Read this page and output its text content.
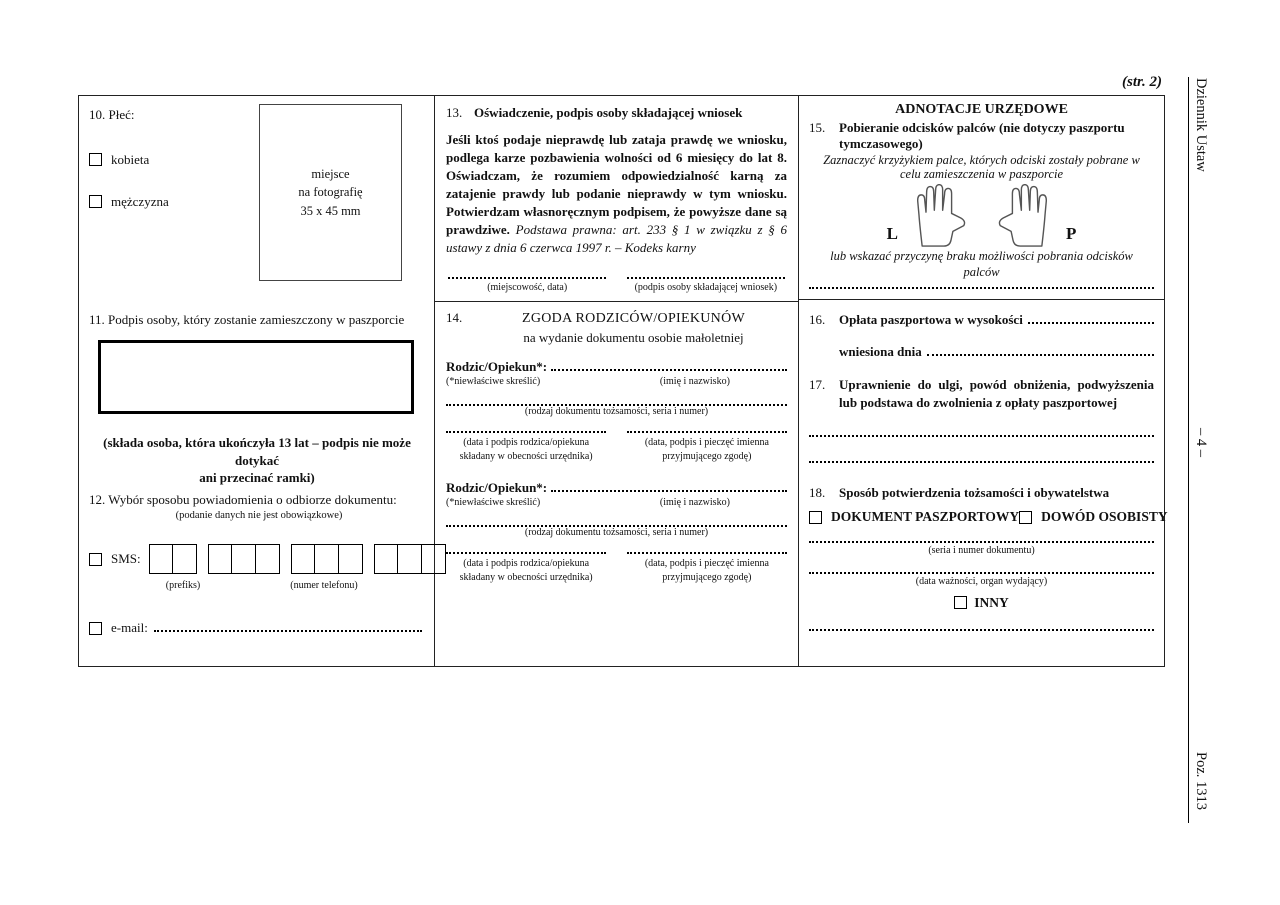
(str. 2) Dziennik Ustaw
– 4 –
Poz. 1313
10. Płeć:
kobieta
mężczyzna
miejsce
na fotografię
35 x 45 mm
11. Podpis osoby, który zostanie zamieszczony w paszporcie
(składa osoba, która ukończyła 13 lat – podpis nie może dotykać
ani przecinać ramki)
12. Wybór sposobu powiadomienia o odbiorze dokumentu:
(podanie danych nie jest obowiązkowe)
SMS:
(prefiks)	(numer telefonu)
e-mail:
13. Oświadczenie, podpis osoby składającej wniosek

Jeśli ktoś podaje nieprawdę lub zataja prawdę we wniosku, podlega karze pozbawienia wolności od 6 miesięcy do lat 8. Oświadczam, że rozumiem odpowiedzialność karną za zatajenie prawdy lub podanie nieprawdy w tym wniosku. Potwierdzam własnoręcznym podpisem, że powyższe dane są prawdziwe. Podstawa prawna: art. 233 § 1 w związku z § 6 ustawy z dnia 6 czerwca 1997 r. – Kodeks karny

(miejscowość, data)	(podpis osoby składającej wniosek)
14.	ZGODA RODZICÓW/OPIEKUNÓW
na wydanie dokumentu osobie małoletniej
Rodzic/Opiekun*:
(*niewłaściwe skreślić)	(imię i nazwisko)
(rodzaj dokumentu tożsamości, seria i numer)
(data i podpis rodzica/opiekuna
składany w obecności urzędnika)
(data, podpis i pieczęć imienna
przyjmującego zgodę)
Rodzic/Opiekun*:
(*niewłaściwe skreślić)	(imię i nazwisko)
(rodzaj dokumentu tożsamości, seria i numer)
(data i podpis rodzica/opiekuna
składany w obecności urzędnika)
(data, podpis i pieczęć imienna
przyjmującego zgodę)
ADNOTACJE URZĘDOWE
15.	Pobieranie odcisków palców (nie dotyczy paszportu tymczasowego)
Zaznaczyć krzyżykiem palce, których odciski zostały pobrane w
celu zamieszczenia w paszporcie
L	P
lub wskazać przyczynę braku możliwości pobrania odcisków
palców
16.	Opłata paszportowa w wysokości
wniesiona dnia
17.	Uprawnienie do ulgi, powód obniżenia, podwyższenia lub podstawa do zwolnienia z opłaty paszportowej
18.	Sposób potwierdzenia tożsamości i obywatelstwa
DOKUMENT PASZPORTOWY DOWÓD OSOBISTY
(seria i numer dokumentu)
(data ważności, organ wydający)
INNY
